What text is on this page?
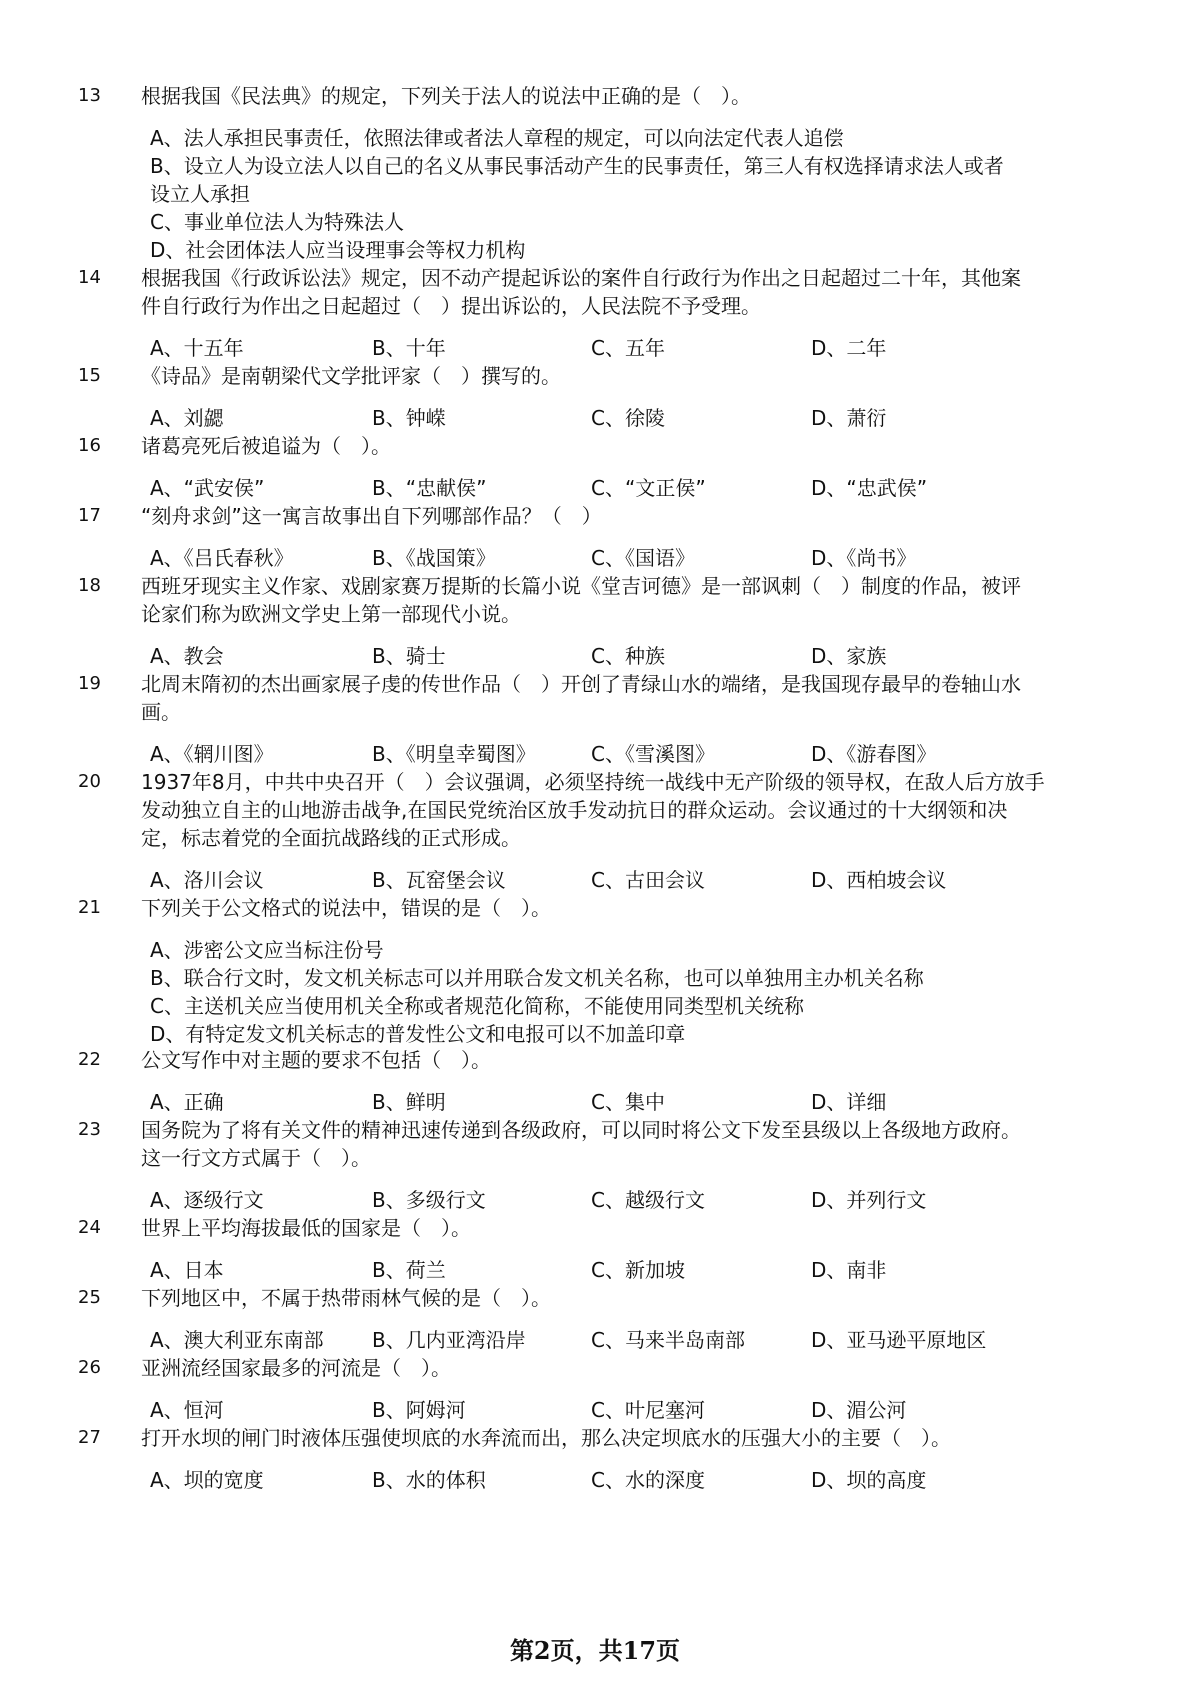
13 根据我国《民法典》的规定，下列关于法人的说法中正确的是（　）。
A、法人承担民事责任，依照法律或者法人章程的规定，可以向法定代表人追偿
B、设立人为设立法人以自己的名义从事民事活动产生的民事责任，第三人有权选择请求法人或者
设立人承担
C、事业单位法人为特殊法人
D、社会团体法人应当设理事会等权力机构
14 根据我国《行政诉讼法》规定，因不动产提起诉讼的案件自行政行为作出之日起超过二十年，其他案
件自行政行为作出之日起超过（　）提出诉讼的，人民法院不予受理。
A、十五年	B、十年	C、五年	D、二年
15 《诗品》是南朝梁代文学批评家（　）撰写的。
A、刘勰	B、钟嵘	C、徐陵	D、萧衍
16 诸葛亮死后被追谥为（　）。
A、“武安侯”	B、“忠献侯”	C、“文正侯”	D、“忠武侯”
17 “刻舟求剑”这一寓言故事出自下列哪部作品？（　）
A、《吕氏春秋》	B、《战国策》	C、《国语》	D、《尚书》
18 西班牙现实主义作家、戏剧家赛万提斯的长篇小说《堂吉诃德》是一部讽刺（　）制度的作品，被评
论家们称为欧洲文学史上第一部现代小说。
A、教会	B、骑士	C、种族	D、家族
19 北周末隋初的杰出画家展子虔的传世作品（　）开创了青绿山水的端绪，是我国现存最早的卷轴山水
画。
A、《辋川图》	B、《明皇幸蜀图》	C、《雪溪图》	D、《游春图》
20 1937年8月，中共中央召开（　）会议强调，必须坚持统一战线中无产阶级的领导权，在敌人后方放手
发动独立自主的山地游击战争,在国民党统治区放手发动抗日的群众运动。会议通过的十大纲领和决
定，标志着党的全面抗战路线的正式形成。
A、洛川会议	B、瓦窑堡会议	C、古田会议	D、西柏坡会议
21 下列关于公文格式的说法中，错误的是（　）。
A、涉密公文应当标注份号
B、联合行文时，发文机关标志可以并用联合发文机关名称，也可以单独用主办机关名称
C、主送机关应当使用机关全称或者规范化简称，不能使用同类型机关统称
D、有特定发文机关标志的普发性公文和电报可以不加盖印章
22 公文写作中对主题的要求不包括（　）。
A、正确	B、鲜明	C、集中	D、详细
23 国务院为了将有关文件的精神迅速传递到各级政府，可以同时将公文下发至县级以上各级地方政府。
这一行文方式属于（　）。
A、逐级行文	B、多级行文	C、越级行文	D、并列行文
24 世界上平均海拔最低的国家是（　）。
A、日本	B、荷兰	C、新加坡	D、南非
25 下列地区中，不属于热带雨林气候的是（　）。
A、澳大利亚东南部 B、几内亚湾沿岸	C、马来半岛南部	D、亚马逊平原地区
26 亚洲流经国家最多的河流是（　）。
A、恒河	B、阿姆河	C、叶尼塞河	D、湄公河
27 打开水坝的闸门时液体压强使坝底的水奔流而出，那么决定坝底水的压强大小的主要（　）。
A、坝的宽度	B、水的体积	C、水的深度	D、坝的高度
第2页，共17页
